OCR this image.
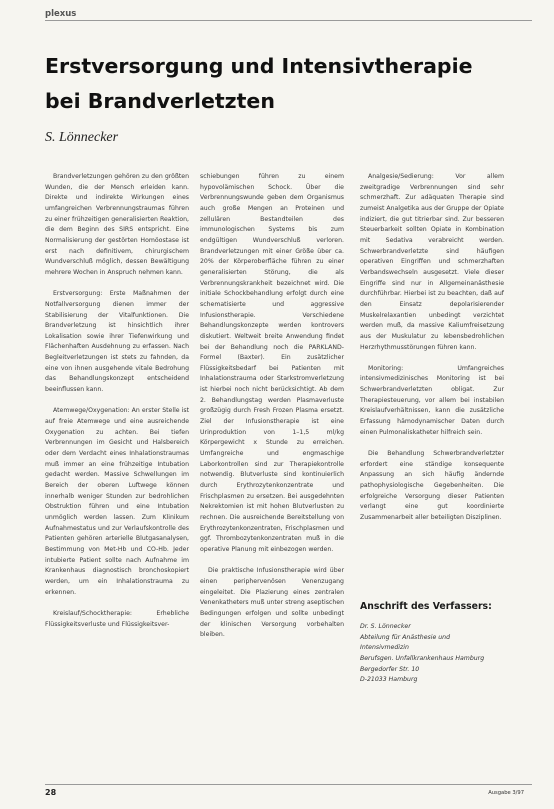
plexus
Erstversorgung und Intensivtherapie bei Brandverletzten
S. Lönnecker

Brandverletzungen gehören zu den größten Wunden, die der Mensch erleiden kann. Direkte und indirekte Wirkungen eines umfangreichen Verbrennungstraumas führen zu einer frühzeitigen generalisierten Reaktion, die dem Beginn des SIRS entspricht. Eine Normalisierung der gestörten Homöostase ist erst nach definitivem, chirurgischem Wundverschluß möglich, dessen Bewältigung mehrere Wochen in Anspruch nehmen kann.

Erstversorgung: Erste Maßnahmen der Notfallversorgung dienen immer der Stabilisierung der Vitalfunktionen. Die Brandverletzung ist hinsichtlich ihrer Lokalisation sowie ihrer Tiefenwirkung und Flächenhaften Ausdehnung zu erfassen. Nach Begleitverletzungen ist stets zu fahnden, da eine von ihnen ausgehende vitale Bedrohung das Behandlungskonzept entscheidend beeinflussen kann.

Atemwege/Oxygenation: An erster Stelle ist auf freie Atemwege und eine ausreichende Oxygenation zu achten. Bei tiefen Verbrennungen im Gesicht und Halsbereich oder dem Verdacht eines Inhalationstraumas muß immer an eine frühzeitige Intubation gedacht werden. Massive Schwellungen im Bereich der oberen Luftwege können innerhalb weniger Stunden zur bedrohlichen Obstruktion führen und eine Intubation unmöglich werden lassen. Zum Klinikum Aufnahmestatus und zur Verlaufskontrolle des Patienten gehören arterielle Blutgasanalysen, Bestimmung von Met-Hb und CO-Hb. Jeder intubierte Patient sollte nach Aufnahme im Krankenhaus diagnostisch bronchoskopiert werden, um ein Inhalationstrauma zu erkennen.

Kreislauf/Schocktherapie: Erhebliche Flüssigkeitsverluste und Flüssigkeitsver-

schiebungen führen zu einem hypovolämischen Schock. Über die Verbrennungswunde geben dem Organismus auch große Mengen an Proteinen und zellulären Bestandteilen des immunologischen Systems bis zum endgültigen Wundverschluß verloren. Brandverletzungen mit einer Größe über ca. 20% der Körperoberfläche führen zu einer generalisierten Störung, die als Verbrennungskrankheit bezeichnet wird. Die initiale Schockbehandlung erfolgt durch eine schematisierte und aggressive Infusionstherapie. Verschiedene Behandlungskonzepte werden kontrovers diskutiert. Weltweit breite Anwendung findet bei der Behandlung noch die PARKLAND-Formel (Baxter). Ein zusätzlicher Flüssigkeitsbedarf bei Patienten mit Inhalationstrauma oder Starkstromverletzung ist hierbei noch nicht berücksichtigt. Ab dem 2. Behandlungstag werden Plasmaverluste großzügig durch Fresh Frozen Plasma ersetzt. Ziel der Infusionstherapie ist eine Urinproduktion von 1–1,5 ml/kg Körpergewicht x Stunde zu erreichen. Umfangreiche und engmaschige Laborkontrollen sind zur Therapiekontrolle notwendig. Blutverluste sind kontinuierlich durch Erythrozytenkonzentrate und Frischplasmen zu ersetzen. Bei ausgedehnten Nekrektomien ist mit hohen Blutverlusten zu rechnen. Die ausreichende Bereitstellung von Erythrozytenkonzentraten, Frischplasmen und ggf. Thrombozytenkonzentraten muß in die operative Planung mit einbezogen werden.

Die praktische Infusionstherapie wird über einen periphervenösen Venenzugang eingeleitet. Die Plazierung eines zentralen Venenkatheters muß unter streng aseptischen Bedingungen erfolgen und sollte unbedingt der klinischen Versorgung vorbehalten bleiben.

Analgesie/Sedierung: Vor allem zweitgradige Verbrennungen sind sehr schmerzhaft. Zur adäquaten Therapie sind zumeist Analgetika aus der Gruppe der Opiate indiziert, die gut titrierbar sind. Zur besseren Steuerbarkeit sollten Opiate in Kombination mit Sedativa verabreicht werden. Schwerbrandverletzte sind häufigen operativen Eingriffen und schmerzhaften Verbandswechseln ausgesetzt. Viele dieser Eingriffe sind nur in Allgemeinanästhesie durchführbar. Hierbei ist zu beachten, daß auf den Einsatz depolarisierender Muskelrelaxantien unbedingt verzichtet werden muß, da massive Kaliumfreisetzung aus der Muskulatur zu lebensbedrohlichen Herzrhythmusstörungen führen kann.

Monitoring: Umfangreiches intensivmedizinisches Monitoring ist bei Schwerbrandverletzten obligat. Zur Therapiesteuerung, vor allem bei instabilen Kreislaufverhältnissen, kann die zusätzliche Erfassung hämodynamischer Daten durch einen Pulmonaliskatheter hilfreich sein.

Die Behandlung Schwerbrandverletzter erfordert eine ständige konsequente Anpassung an sich häufig ändernde pathophysiologische Gegebenheiten. Die erfolgreiche Versorgung dieser Patienten verlangt eine gut koordinierte Zusammenarbeit aller beteiligten Disziplinen.

Anschrift des Verfassers:
Dr. S. Lönnecker
Abteilung für Anästhesie und
Intensivmedizin
Berufsgen. Unfallkrankenhaus Hamburg
Bergedorfer Str. 10
D-21033 Hamburg
28	Ausgabe 3/97
